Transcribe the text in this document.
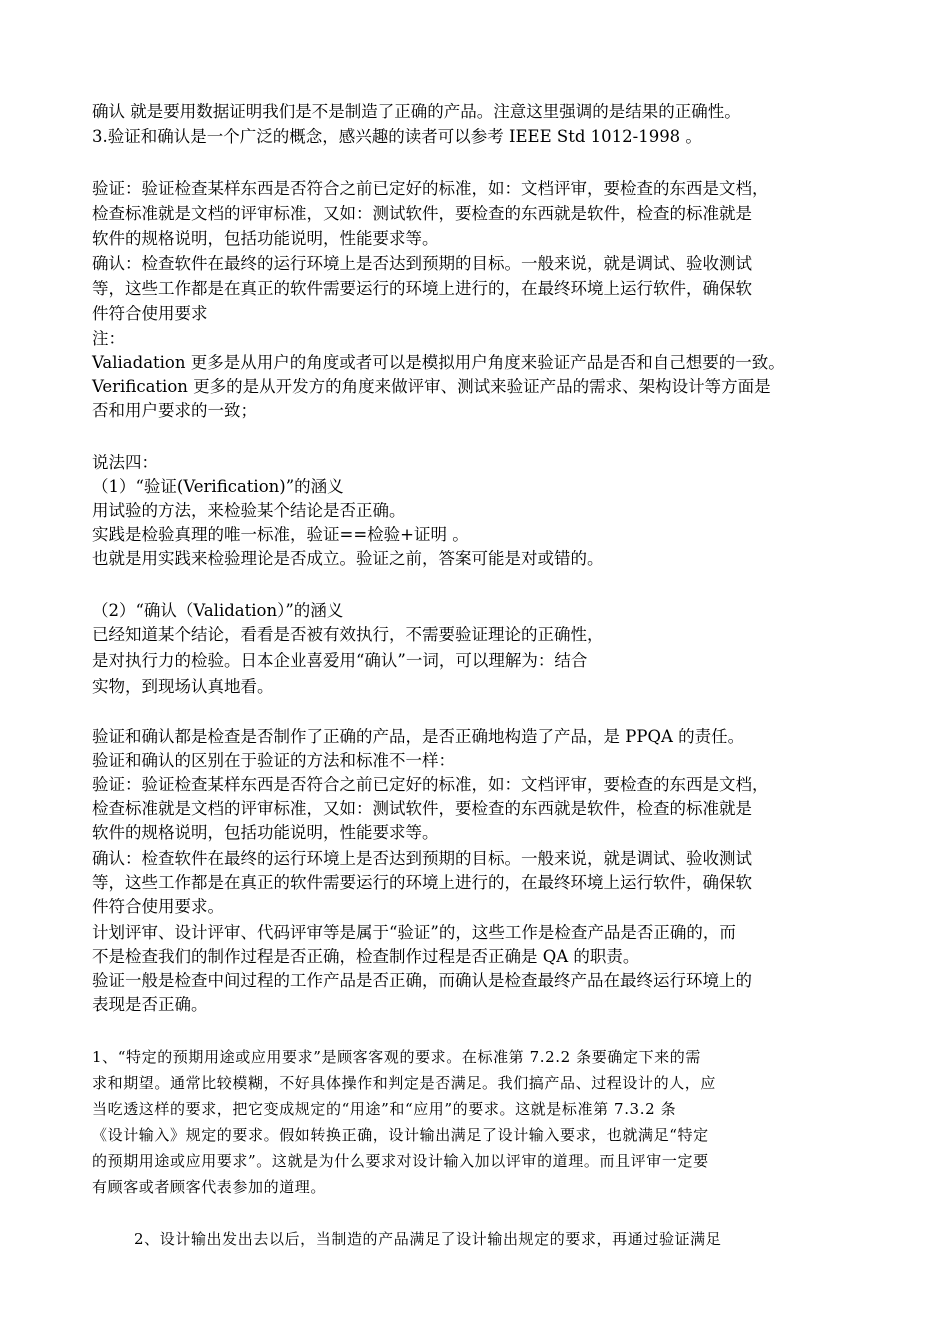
确认 就是要用数据证明我们是不是制造了正确的产品。注意这里强调的是结果的正确性。
3.验证和确认是一个广泛的概念，感兴趣的读者可以参考 IEEE Std 1012-1998 。
验证：验证检查某样东西是否符合之前已定好的标准，如：文档评审，要检查的东西是文档，
检查标准就是文档的评审标准，又如：测试软件，要检查的东西就是软件，检查的标准就是
软件的规格说明，包括功能说明，性能要求等。
确认：检查软件在最终的运行环境上是否达到预期的目标。一般来说，就是调试、验收测试
等，这些工作都是在真正的软件需要运行的环境上进行的，在最终环境上运行软件，确保软
件符合使用要求
注：
Valiadation 更多是从用户的角度或者可以是模拟用户角度来验证产品是否和自己想要的一致。
Verification 更多的是从开发方的角度来做评审、测试来验证产品的需求、架构设计等方面是
否和用户要求的一致；
说法四：
（1）“验证(Verification)”的涵义
用试验的方法，来检验某个结论是否正确。
实践是检验真理的唯一标准，验证==检验+证明 。
也就是用实践来检验理论是否成立。验证之前，答案可能是对或错的。
（2）“确认（Validation）”的涵义
已经知道某个结论，看看是否被有效执行，不需要验证理论的正确性，
是对执行力的检验。日本企业喜爱用“确认”一词，可以理解为：结合
实物，到现场认真地看。
验证和确认都是检查是否制作了正确的产品，是否正确地构造了产品，是 PPQA 的责任。
验证和确认的区别在于验证的方法和标准不一样：
验证：验证检查某样东西是否符合之前已定好的标准，如：文档评审，要检查的东西是文档，
检查标准就是文档的评审标准，又如：测试软件，要检查的东西就是软件，检查的标准就是
软件的规格说明，包括功能说明，性能要求等。
确认：检查软件在最终的运行环境上是否达到预期的目标。一般来说，就是调试、验收测试
等，这些工作都是在真正的软件需要运行的环境上进行的，在最终环境上运行软件，确保软
件符合使用要求。
计划评审、设计评审、代码评审等是属于“验证”的，这些工作是检查产品是否正确的，而
不是检查我们的制作过程是否正确，检查制作过程是否正确是 QA 的职责。
验证一般是检查中间过程的工作产品是否正确，而确认是检查最终产品在最终运行环境上的
表现是否正确。
1、“特定的预期用途或应用要求”是顾客客观的要求。在标准第 7.2.2 条要确定下来的需
求和期望。通常比较模糊，不好具体操作和判定是否满足。我们搞产品、过程设计的人，应
当吃透这样的要求，把它变成规定的“用途”和“应用”的要求。这就是标准第 7.3.2 条
《设计输入》规定的要求。假如转换正确，设计输出满足了设计输入要求，也就满足“特定
的预期用途或应用要求”。这就是为什么要求对设计输入加以评审的道理。而且评审一定要
有顾客或者顾客代表参加的道理。
2、设计输出发出去以后，当制造的产品满足了设计输出规定的要求，再通过验证满足
